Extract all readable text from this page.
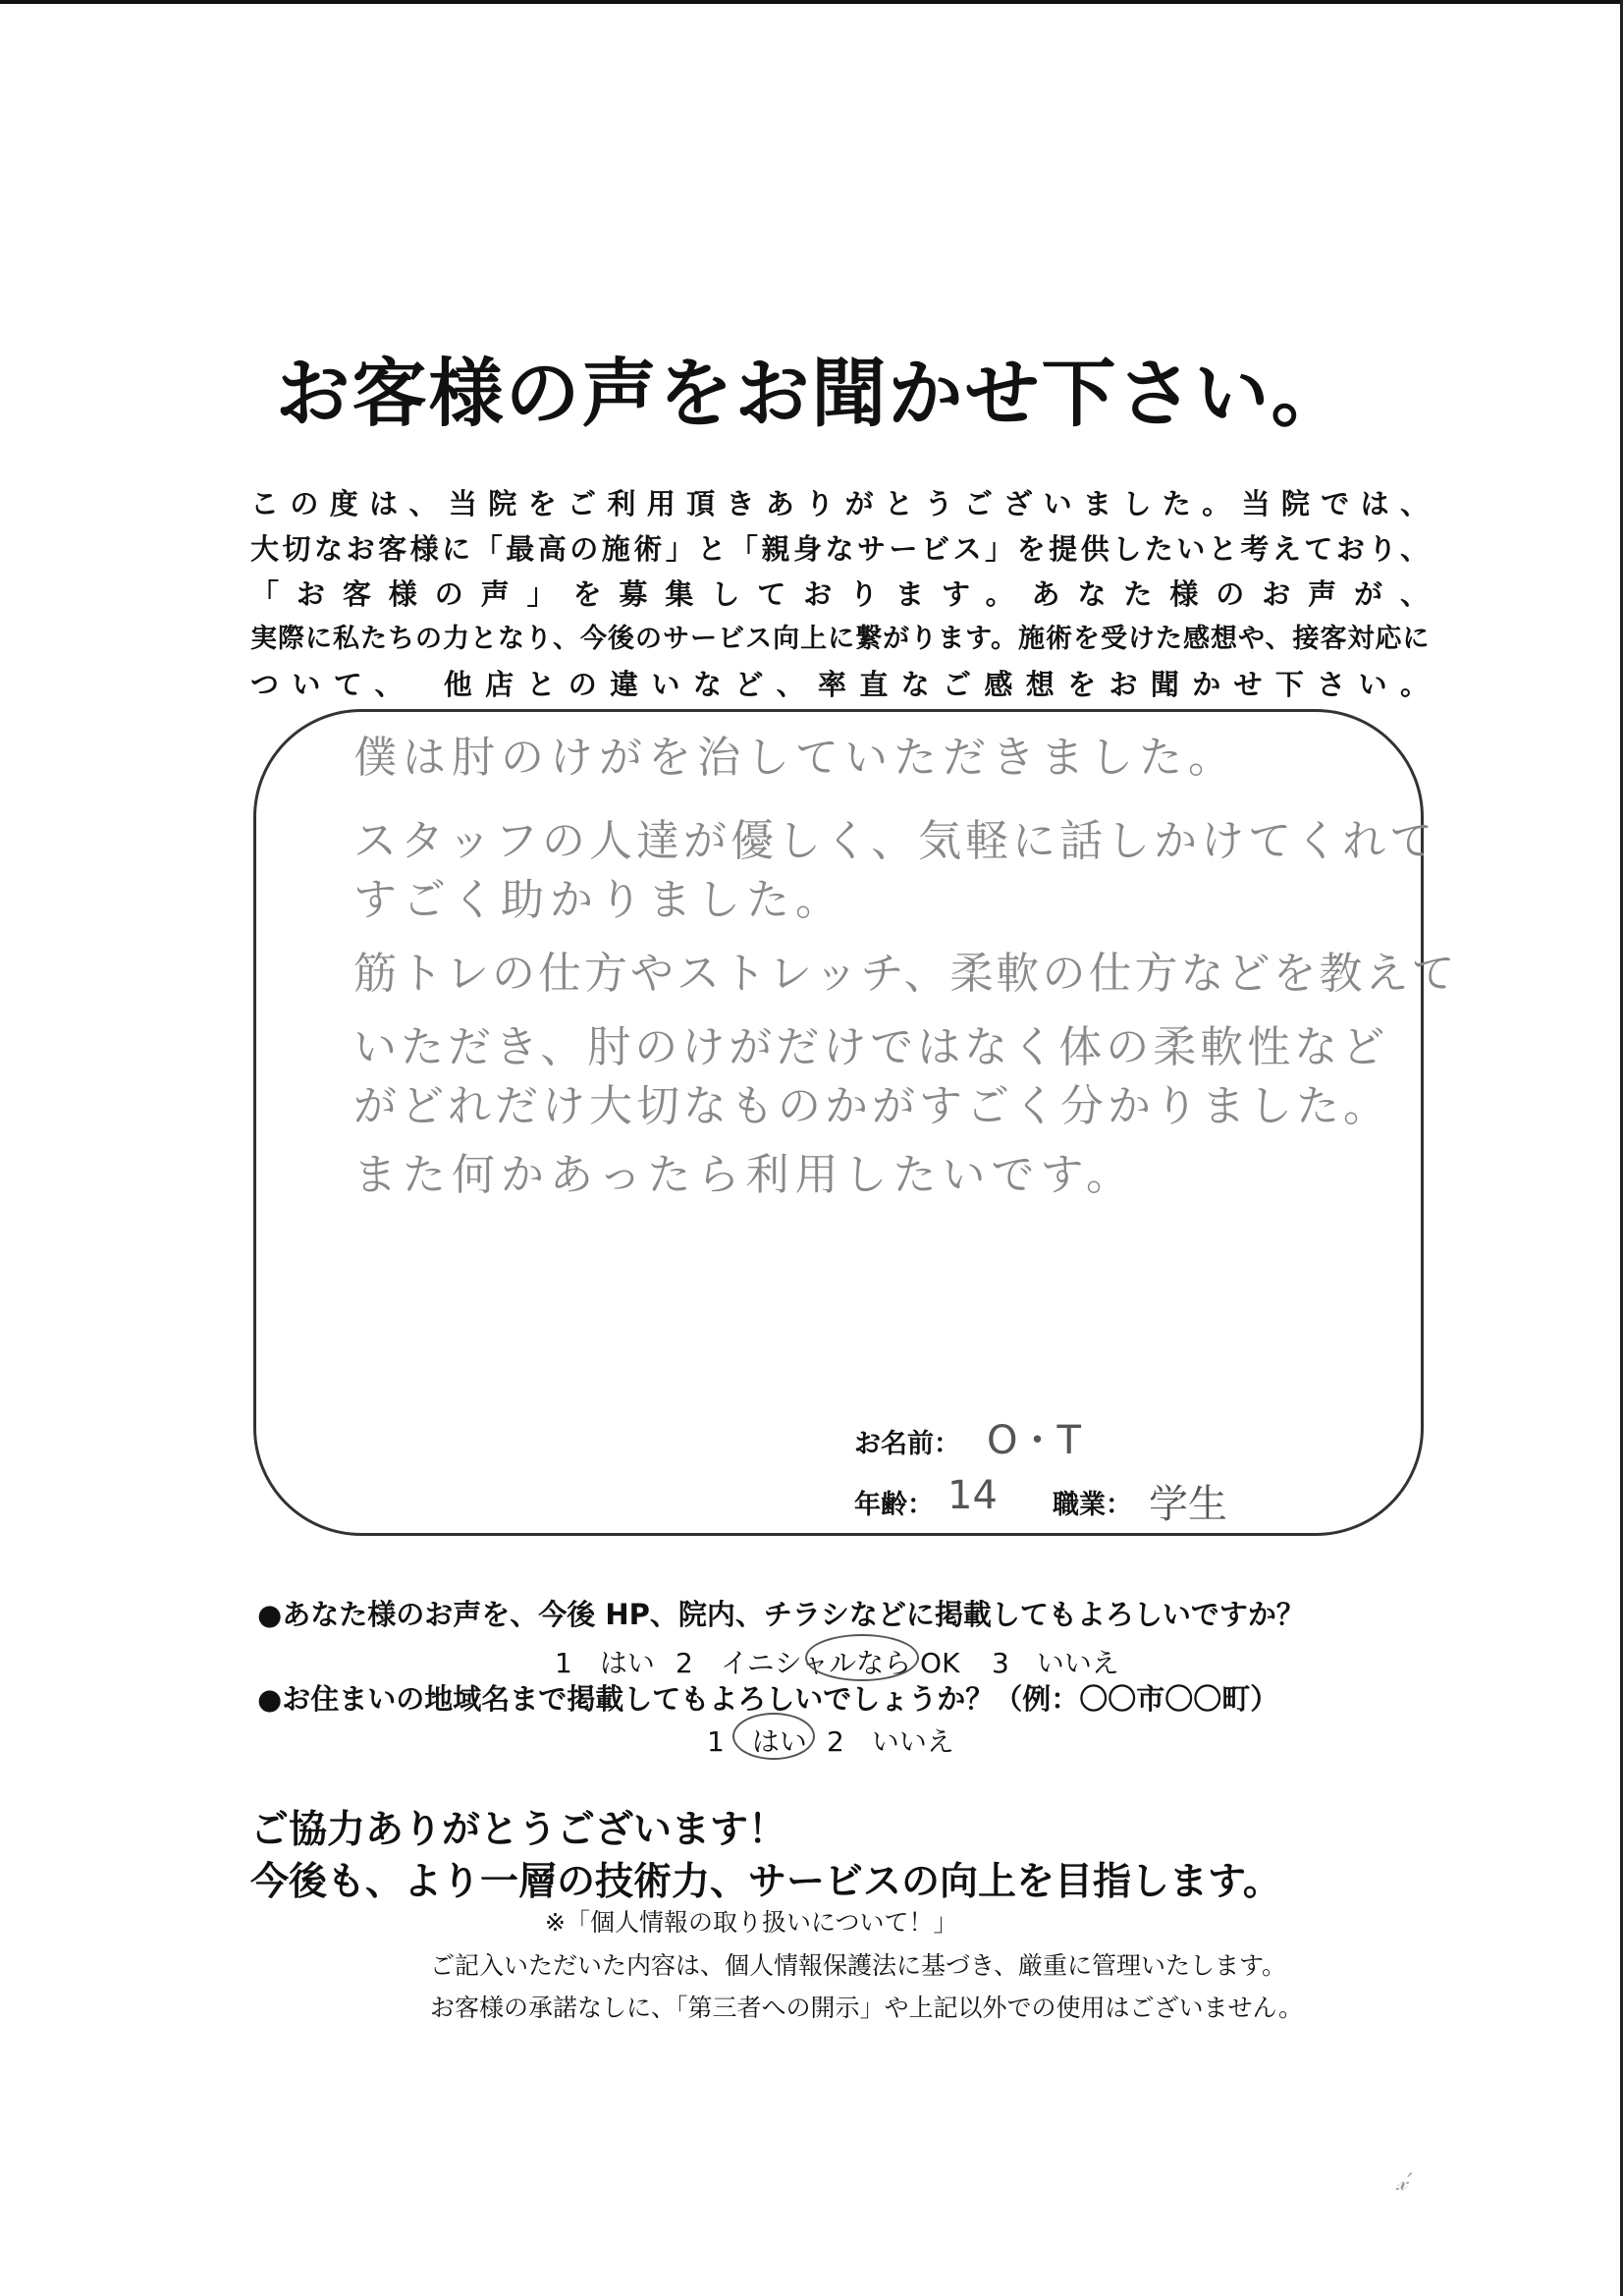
お客様の声をお聞かせ下さい。
この度は、当院をご利用頂きありがとうございました。当院では、
大切なお客様に「最高の施術」と「親身なサービス」を提供したいと考えており、
「お客様の声」を募集しております。あなた様のお声が、
実際に私たちの力となり、今後のサービス向上に繋がります。施術を受けた感想や、接客対応に
ついて、　他店との違いなど、率直なご感想をお聞かせ下さい。
僕は肘のけがを治していただきました。
スタッフの人達が優しく、気軽に話しかけてくれて
すごく助かりました。
筋トレの仕方やストレッチ、柔軟の仕方などを教えて
いただき、肘のけがだけではなく体の柔軟性など
がどれだけ大切なものかがすごく分かりました。
また何かあったら利用したいです。
お名前： O・T
年齢： 14 職業： 学生
●あなた様のお声を、今後 HP、院内、チラシなどに掲載してもよろしいですか？
1　はい 2　イニシャルなら OK 3　いいえ
●お住まいの地域名まで掲載してもよろしいでしょうか？（例：〇〇市〇〇町）
1　はい 2　いいえ
ご協力ありがとうございます！
今後も、より一層の技術力、サービスの向上を目指します。
※「個人情報の取り扱いについて！」
ご記入いただいた内容は、個人情報保護法に基づき、厳重に管理いたします。
お客様の承諾なしに、「第三者への開示」や上記以外での使用はございません。
𝓍′
